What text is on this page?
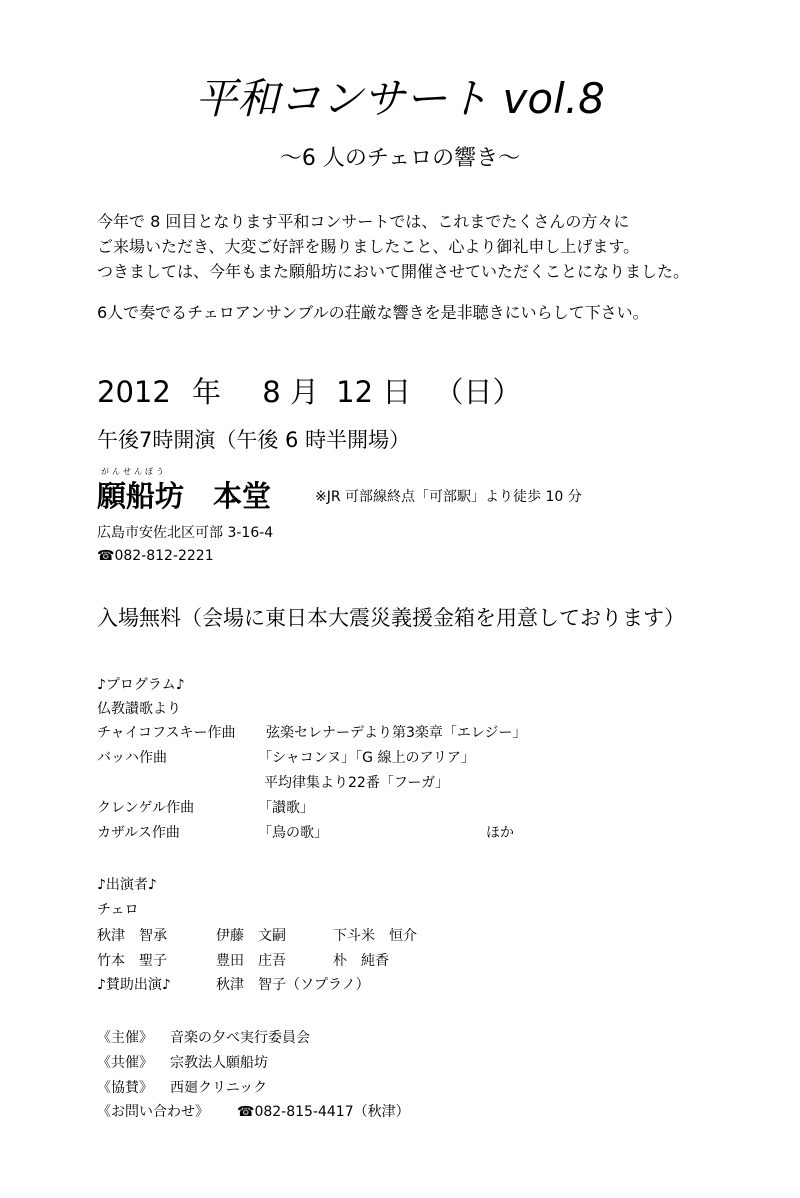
平和コンサート vol.8
〜6 人のチェロの響き〜
今年で 8 回目となります平和コンサートでは、これまでたくさんの方々に
ご来場いただき、大変ご好評を賜りましたこと、心より御礼申し上げます。
つきましては、今年もまた願船坊において開催させていただくことになりました。
6人で奏でるチェロアンサンブルの荘厳な響きを是非聴きにいらして下さい。
2012 年 8 月 12 日 （日）
午後7時開演（午後 6 時半開場）
がんせんぼう
願船坊　本堂	※JR 可部線終点「可部駅」より徒歩 10 分
広島市安佐北区可部 3-16-4
☎082-812-2221
入場無料（会場に東日本大震災義援金箱を用意しております）
♪プログラム♪
仏教讃歌より
チャイコフスキー作曲 弦楽セレナーデより第3楽章「エレジー」
バッハ作曲	「シャコンヌ」「G 線上のアリア」
平均律集より22番「フーガ」
クレンゲル作曲	「讃歌」
カザルス作曲	「鳥の歌」	ほか
♪出演者♪
チェロ
秋津　智承	伊藤　文嗣	下斗米　恒介
竹本　聖子	豊田　庄吾	朴　純香
♪賛助出演♪	秋津　智子（ソプラノ）
《主催》 音楽の夕べ実行委員会
《共催》 宗教法人願船坊
《協賛》 西廻クリニック
《お問い合わせ》 ☎082-815-4417（秋津）
